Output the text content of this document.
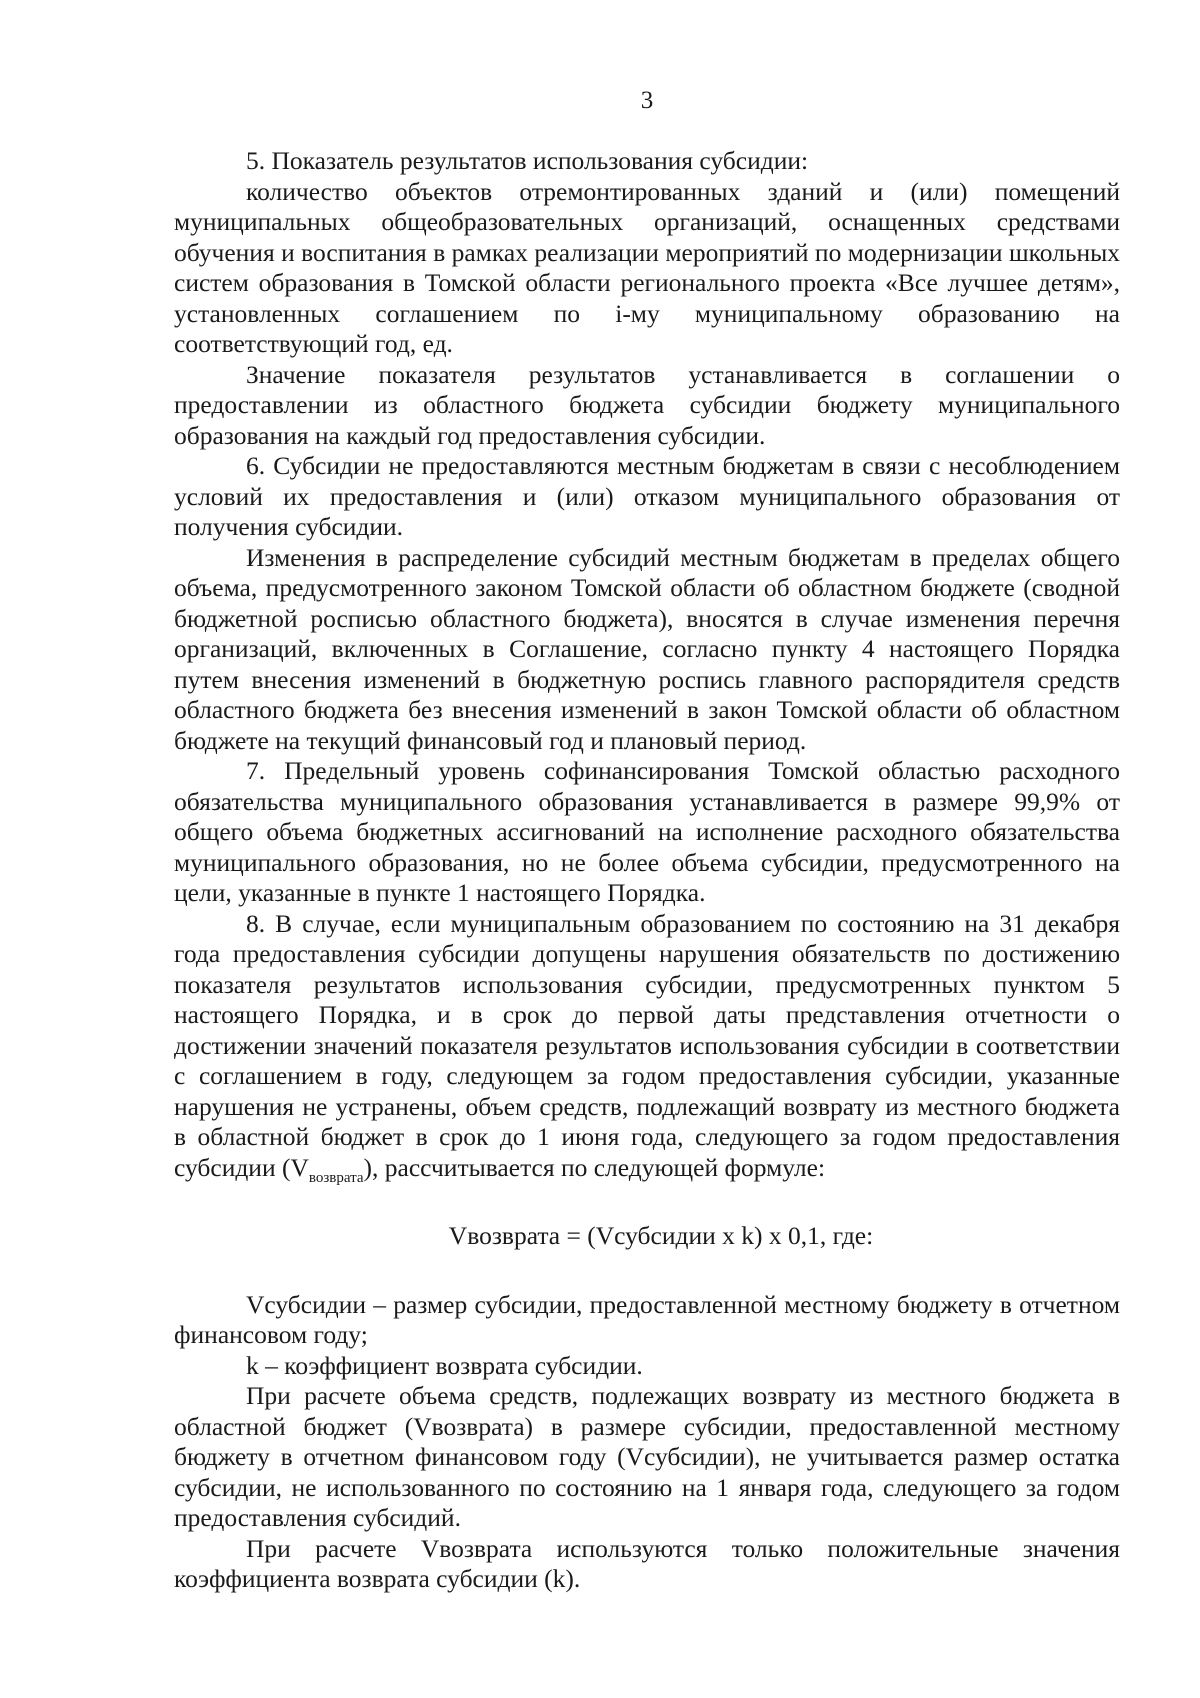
3

5. Показатель результатов использования субсидии:

количество объектов отремонтированных зданий и (или) помещений муниципальных общеобразовательных организаций, оснащенных средствами обучения и воспитания в рамках реализации мероприятий по модернизации школьных систем образования в Томской области регионального проекта «Все лучшее детям», установленных соглашением по i-му муниципальному образованию на соответствующий год, ед.

Значение показателя результатов устанавливается в соглашении о предоставлении из областного бюджета субсидии бюджету муниципального образования на каждый год предоставления субсидии.

6. Субсидии не предоставляются местным бюджетам в связи с несоблюдением условий их предоставления и (или) отказом муниципального образования от получения субсидии.

Изменения в распределение субсидий местным бюджетам в пределах общего объема, предусмотренного законом Томской области об областном бюджете (сводной бюджетной росписью областного бюджета), вносятся в случае изменения перечня организаций, включенных в Соглашение, согласно пункту 4 настоящего Порядка путем внесения изменений в бюджетную роспись главного распорядителя средств областного бюджета без внесения изменений в закон Томской области об областном бюджете на текущий финансовый год и плановый период.

7. Предельный уровень софинансирования Томской областью расходного обязательства муниципального образования устанавливается в размере 99,9% от общего объема бюджетных ассигнований на исполнение расходного обязательства муниципального образования, но не более объема субсидии, предусмотренного на цели, указанные в пункте 1 настоящего Порядка.

8. В случае, если муниципальным образованием по состоянию на 31 декабря года предоставления субсидии допущены нарушения обязательств по достижению показателя результатов использования субсидии, предусмотренных пунктом 5 настоящего Порядка, и в срок до первой даты представления отчетности о достижении значений показателя результатов использования субсидии в соответствии с соглашением в году, следующем за годом предоставления субсидии, указанные нарушения не устранены, объем средств, подлежащий возврату из местного бюджета в областной бюджет в срок до 1 июня года, следующего за годом предоставления субсидии $(V_{возврата})$, рассчитывается по следующей формуле:

Vвозврата = (Vсубсидии x k) x 0,1, где:

Vсубсидии – размер субсидии, предоставленной местному бюджету в отчетном финансовом году;

k – коэффициент возврата субсидии.

При расчете объема средств, подлежащих возврату из местного бюджета в областной бюджет (Vвозврата) в размере субсидии, предоставленной местному бюджету в отчетном финансовом году (Vсубсидии), не учитывается размер остатка субсидии, не использованного по состоянию на 1 января года, следующего за годом предоставления субсидий.

При расчете Vвозврата используются только положительные значения коэффициента возврата субсидии (k).
